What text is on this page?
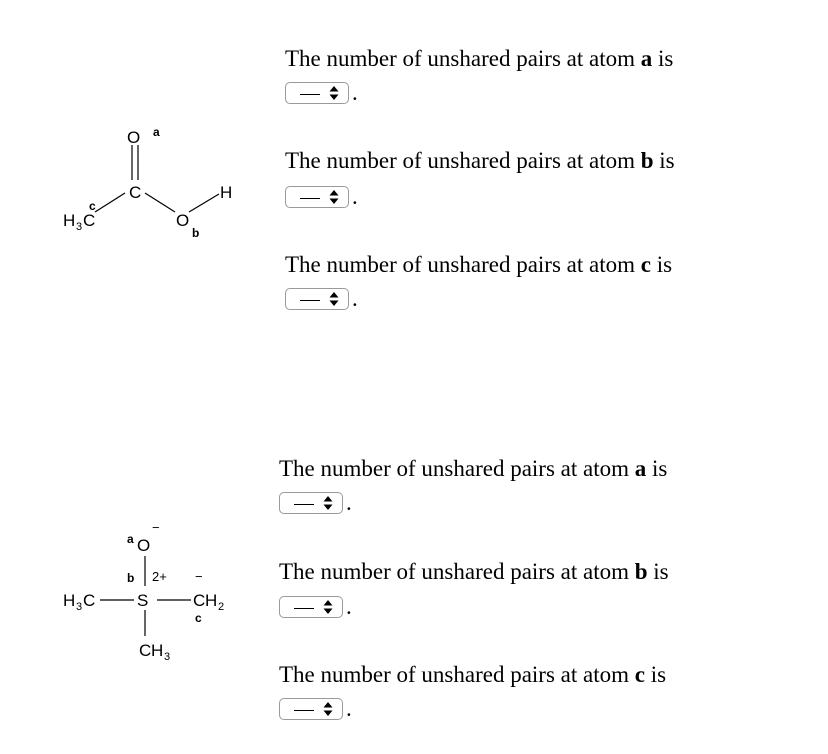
O a
C
c
H 3 C	O
b
H
a O
−
b 2+ −
H 3 C S	C H 2
c
C H 3
The number of unshared pairs at atom a is
.
The number of unshared pairs at atom b is
.
The number of unshared pairs at atom c is
.
The number of unshared pairs at atom a is
.
The number of unshared pairs at atom b is
.
The number of unshared pairs at atom c is
.
